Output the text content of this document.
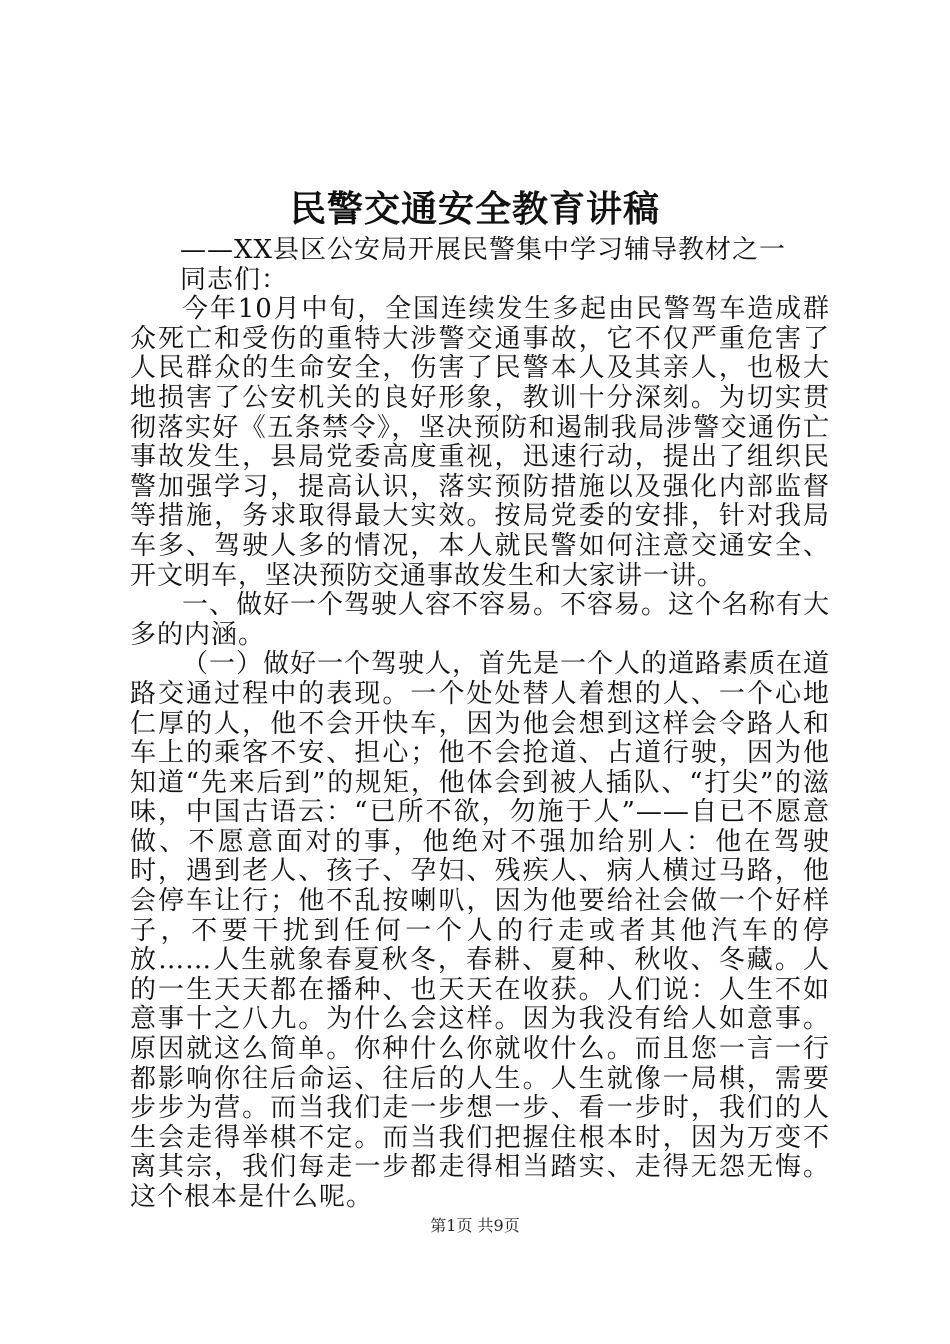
民警交通安全教育讲稿

——XX县区公安局开展民警集中学习辅导教材之一

同志们：

今年10月中旬，全国连续发生多起由民警驾车造成群众死亡和受伤的重特大涉警交通事故，它不仅严重危害了人民群众的生命安全，伤害了民警本人及其亲人，也极大地损害了公安机关的良好形象，教训十分深刻。为切实贯彻落实好《五条禁令》，坚决预防和遏制我局涉警交通伤亡事故发生，县局党委高度重视，迅速行动，提出了组织民警加强学习，提高认识，落实预防措施以及强化内部监督等措施，务求取得最大实效。按局党委的安排，针对我局车多、驾驶人多的情况，本人就民警如何注意交通安全、开文明车，坚决预防交通事故发生和大家讲一讲。

一、做好一个驾驶人容不容易。不容易。这个名称有大多的内涵。

（一）做好一个驾驶人，首先是一个人的道路素质在道路交通过程中的表现。一个处处替人着想的人、一个心地仁厚的人，他不会开快车，因为他会想到这样会令路人和车上的乘客不安、担心；他不会抢道、占道行驶，因为他知道“先来后到”的规矩，他体会到被人插队、“打尖”的滋味，中国古语云：“已所不欲，勿施于人”——自已不愿意做、不愿意面对的事，他绝对不强加给别人：他在驾驶时，遇到老人、孩子、孕妇、残疾人、病人横过马路，他会停车让行；他不乱按喇叭，因为他要给社会做一个好样子，不要干扰到任何一个人的行走或者其他汽车的停放……人生就象春夏秋冬，春耕、夏种、秋收、冬藏。人的一生天天都在播种、也天天在收获。人们说：人生不如意事十之八九。为什么会这样。因为我没有给人如意事。原因就这么简单。你种什么你就收什么。而且您一言一行都影响你往后命运、往后的人生。人生就像一局棋，需要步步为营。而当我们走一步想一步、看一步时，我们的人生会走得举棋不定。而当我们把握住根本时，因为万变不离其宗，我们每走一步都走得相当踏实、走得无怨无悔。这个根本是什么呢。

第1页 共9页
